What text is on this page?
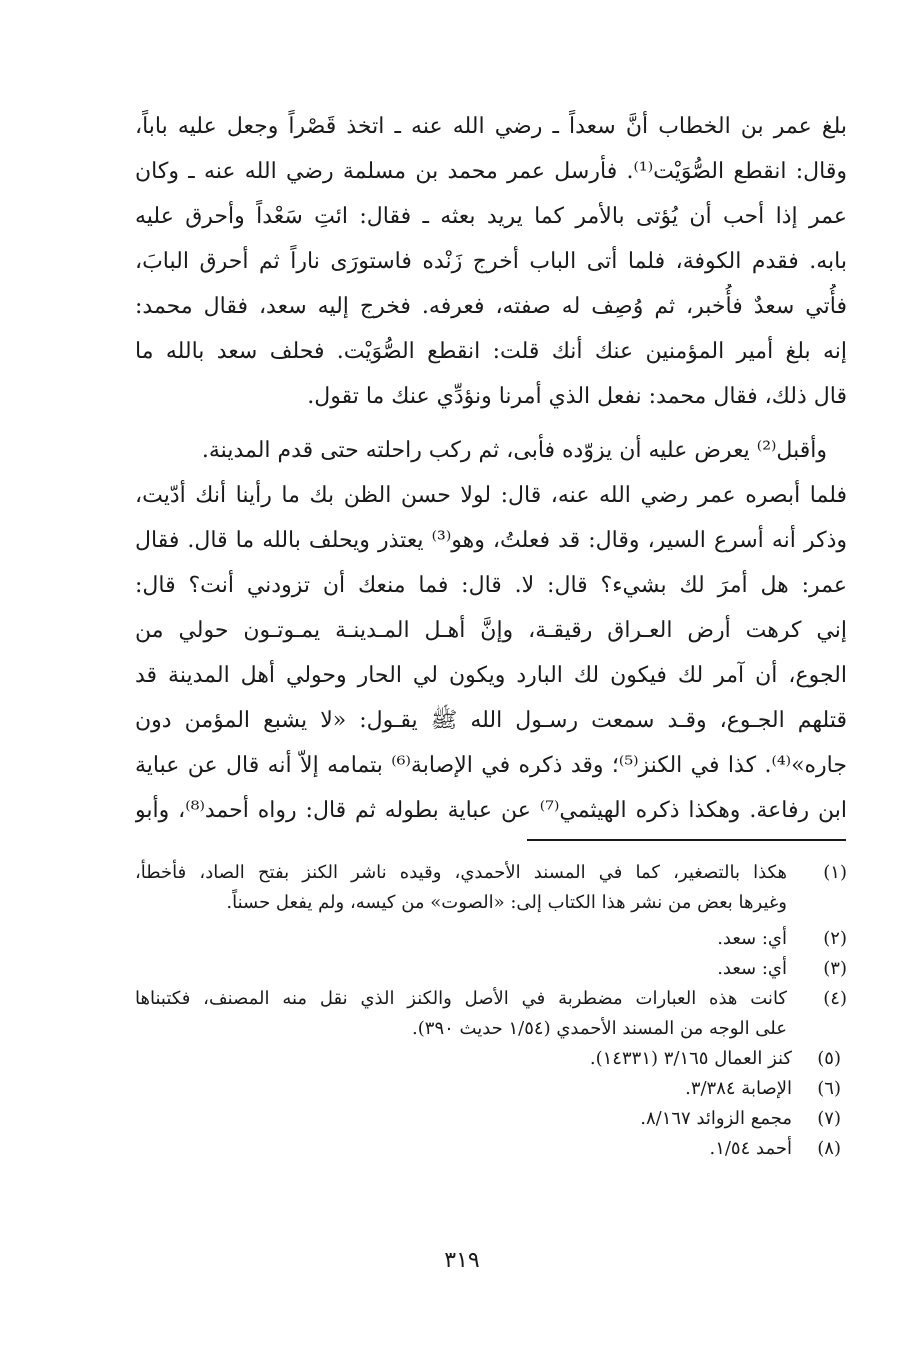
بلغ عمر بن الخطاب أنَّ سعداً ـ رضي الله عنه ـ اتخذ قَصْراً وجعل عليه باباً،
وقال: انقطع الصُّوَيْت⁽¹⁾. فأرسل عمر محمد بن مسلمة رضي الله عنه ـ وكان
عمر إذا أحب أن يُؤتى بالأمر كما يريد بعثه ـ فقال: ائتِ سَعْداً وأحرق عليه
بابه. فقدم الكوفة، فلما أتى الباب أخرج زَنْده فاستورَى ناراً ثم أحرق البابَ،
فأُتي سعدٌ فأُخبر، ثم وُصِف له صفته، فعرفه. فخرج إليه سعد، فقال محمد:
إنه بلغ أمير المؤمنين عنك أنك قلت: انقطع الصُّوَيْت. فحلف سعد بالله ما
قال ذلك، فقال محمد: نفعل الذي أمرنا ونؤدِّي عنك ما تقول.
وأقبل⁽²⁾ يعرض عليه أن يزوّده فأبى، ثم ركب راحلته حتى قدم المدينة.
فلما أبصره عمر رضي الله عنه، قال: لولا حسن الظن بك ما رأينا أنك أدّيت،
وذكر أنه أسرع السير، وقال: قد فعلتُ، وهو⁽³⁾ يعتذر ويحلف بالله ما قال. فقال
عمر: هل أمرَ لك بشيء؟ قال: لا. قال: فما منعك أن تزودني أنت؟ قال:
إني كرهت أرض العـراق رقيقـة، وإنَّ أهـل المـدينـة يمـوتـون حولي من
الجوع، أن آمر لك فيكون لك البارد ويكون لي الحار وحولي أهل المدينة قد
قتلهم الجـوع، وقـد سمعت رسـول الله ﷺ يقـول: «لا يشبع المؤمن دون
جاره»⁽⁴⁾. كذا في الكنز⁽⁵⁾؛ وقد ذكره في الإصابة⁽⁶⁾ بتمامه إلاّ أنه قال عن عباية
ابن رفاعة. وهكذا ذكره الهيثمي⁽⁷⁾ عن عباية بطوله ثم قال: رواه أحمد⁽⁸⁾، وأبو
(١)
هكذا بالتصغير، كما في المسند الأحمدي، وقيده ناشر الكنز بفتح الصاد، فأخطأ،
وغيرها بعض من نشر هذا الكتاب إلى: «الصوت» من كيسه، ولم يفعل حسناً.
(٢)
أي: سعد.
(٣)
أي: سعد.
(٤)
كانت هذه العبارات مضطربة في الأصل والكنز الذي نقل منه المصنف، فكتبناها
على الوجه من المسند الأحمدي (١/٥٤ حديث ٣٩٠).
(٥)
كنز العمال ٣/١٦٥ (١٤٣٣١).
(٦)
الإصابة ٣/٣٨٤.
(٧)
مجمع الزوائد ٨/١٦٧.
(٨)
أحمد ١/٥٤.
٣١٩
